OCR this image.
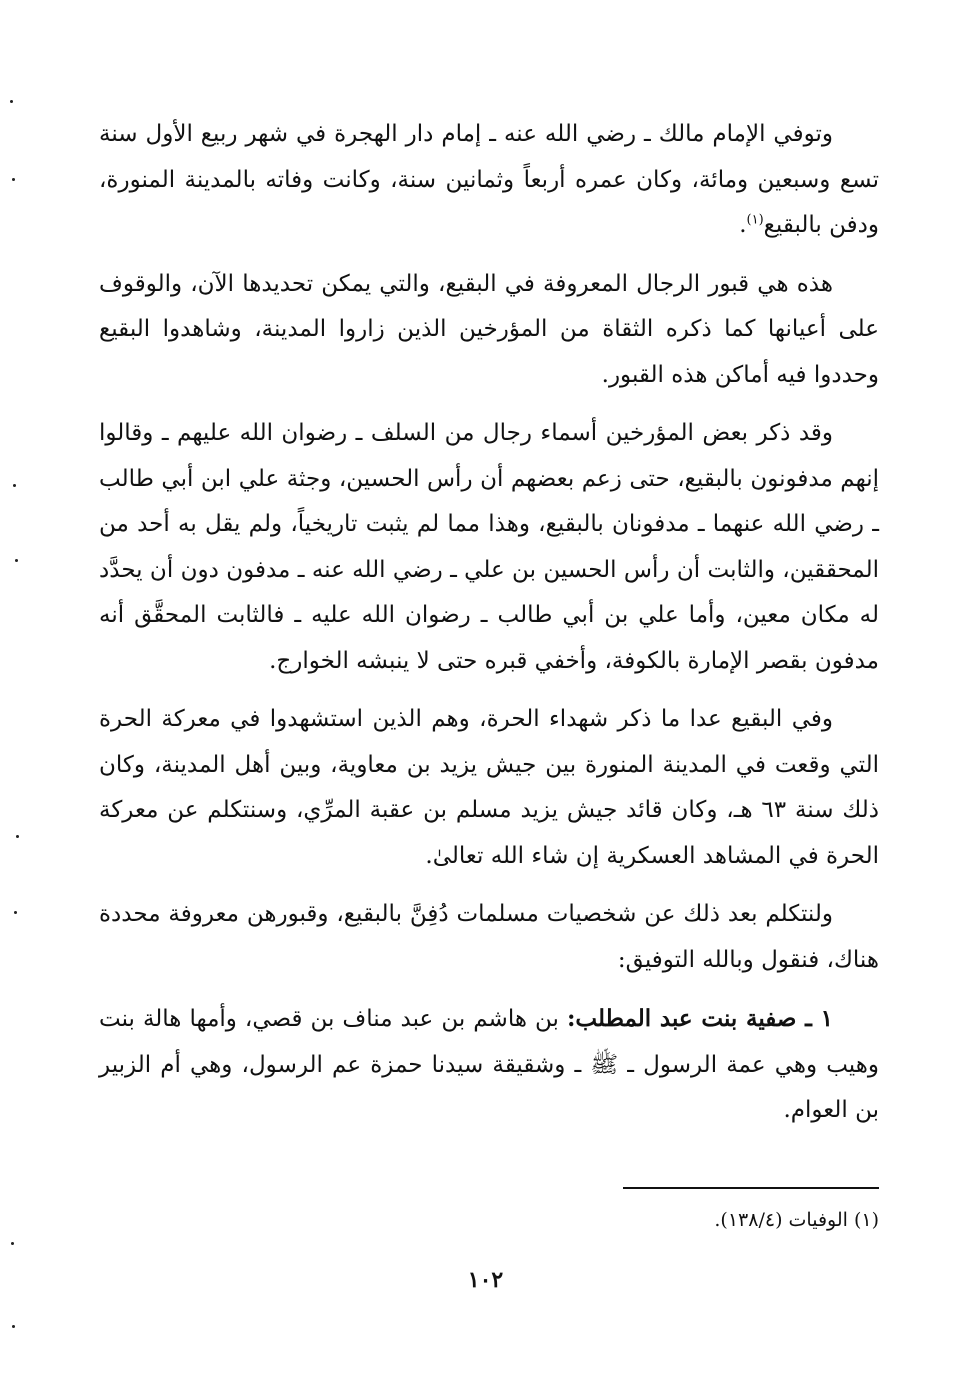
وتوفي الإمام مالك ـ رضي الله عنه ـ إمام دار الهجرة في شهر ربيع الأول سنة تسع وسبعين ومائة، وكان عمره أربعاً وثمانين سنة، وكانت وفاته بالمدينة المنورة، ودفن بالبقيع$^{(١)}$.

هذه هي قبور الرجال المعروفة في البقيع، والتي يمكن تحديدها الآن، والوقوف على أعيانها كما ذكره الثقاة من المؤرخين الذين زاروا المدينة، وشاهدوا البقيع وحددوا فيه أماكن هذه القبور.

وقد ذكر بعض المؤرخين أسماء رجال من السلف ـ رضوان الله عليهم ـ وقالوا إنهم مدفونون بالبقيع، حتى زعم بعضهم أن رأس الحسين، وجثة علي ابن أبي طالب ـ رضي الله عنهما ـ مدفونان بالبقيع، وهذا مما لم يثبت تاريخياً، ولم يقل به أحد من المحققين، والثابت أن رأس الحسين بن علي ـ رضي الله عنه ـ مدفون دون أن يحدَّد له مكان معين، وأما علي بن أبي طالب ـ رضوان الله عليه ـ فالثابت المحقَّق أنه مدفون بقصر الإمارة بالكوفة، وأخفي قبره حتى لا ينبشه الخوارج.

وفي البقيع عدا ما ذكر شهداء الحرة، وهم الذين استشهدوا في معركة الحرة التي وقعت في المدينة المنورة بين جيش يزيد بن معاوية، وبين أهل المدينة، وكان ذلك سنة ٦٣ هـ، وكان قائد جيش يزيد مسلم بن عقبة المرِّي، وسنتكلم عن معركة الحرة في المشاهد العسكرية إن شاء الله تعالىٰ.

ولنتكلم بعد ذلك عن شخصيات مسلمات دُفِنَّ بالبقيع، وقبورهن معروفة محددة هناك، فنقول وبالله التوفيق:

١ ـ صفية بنت عبد المطلب: بن هاشم بن عبد مناف بن قصي، وأمها هالة بنت وهيب وهي عمة الرسول ـ ﷺ ـ وشقيقة سيدنا حمزة عم الرسول، وهي أم الزبير بن العوام.

(١) الوفيات (١٣٨/٤).
١٠٢
